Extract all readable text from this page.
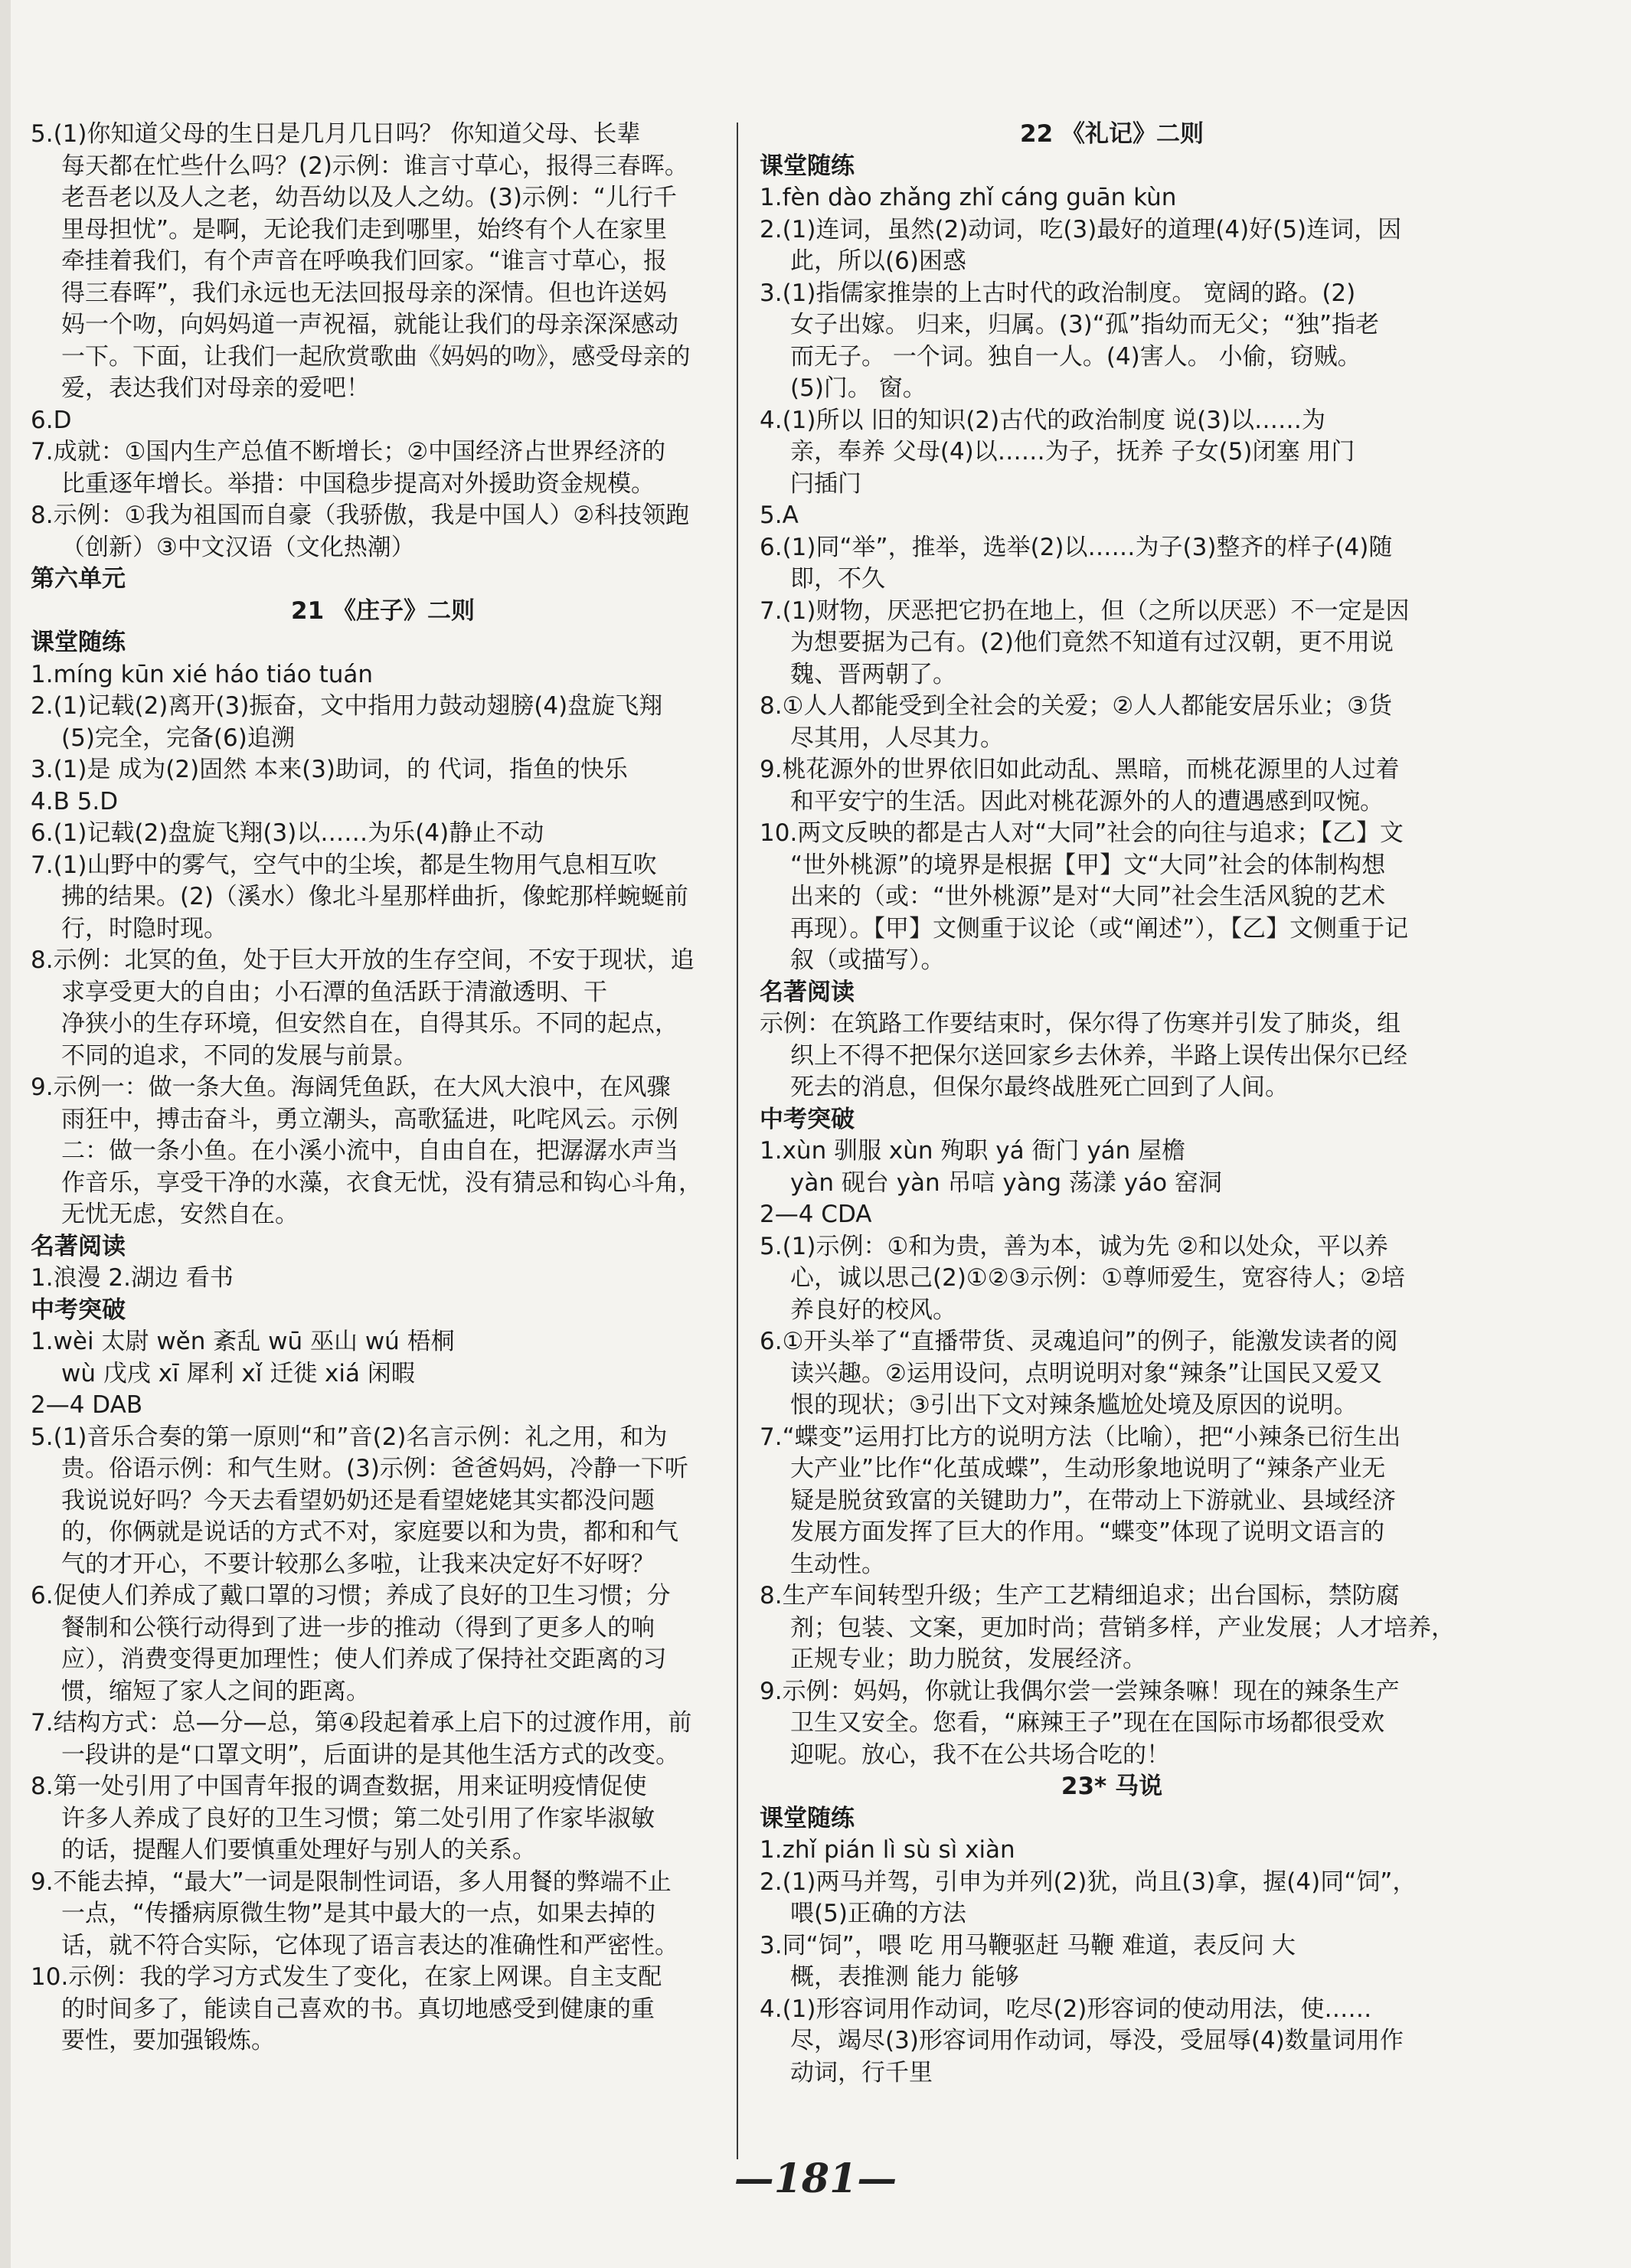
5.(1)你知道父母的生日是几月几日吗？ 你知道父母、长辈
每天都在忙些什么吗？(2)示例：谁言寸草心，报得三春晖。
老吾老以及人之老，幼吾幼以及人之幼。(3)示例：“儿行千
里母担忧”。是啊，无论我们走到哪里，始终有个人在家里
牵挂着我们，有个声音在呼唤我们回家。“谁言寸草心，报
得三春晖”，我们永远也无法回报母亲的深情。但也许送妈
妈一个吻，向妈妈道一声祝福，就能让我们的母亲深深感动
一下。下面，让我们一起欣赏歌曲《妈妈的吻》，感受母亲的
爱，表达我们对母亲的爱吧！
6.D
7.成就：①国内生产总值不断增长；②中国经济占世界经济的
比重逐年增长。举措：中国稳步提高对外援助资金规模。
8.示例：①我为祖国而自豪（我骄傲，我是中国人）②科技领跑
（创新）③中文汉语（文化热潮）
第六单元
21 《庄子》二则
课堂随练
1.míng kūn xié háo tiáo tuán
2.(1)记载(2)离开(3)振奋，文中指用力鼓动翅膀(4)盘旋飞翔
(5)完全，完备(6)追溯
3.(1)是 成为(2)固然 本来(3)助词，的 代词，指鱼的快乐
4.B 5.D
6.(1)记载(2)盘旋飞翔(3)以……为乐(4)静止不动
7.(1)山野中的雾气，空气中的尘埃，都是生物用气息相互吹
拂的结果。(2)（溪水）像北斗星那样曲折，像蛇那样蜿蜒前
行，时隐时现。
8.示例：北冥的鱼，处于巨大开放的生存空间，不安于现状，追
求享受更大的自由；小石潭的鱼活跃于清澈透明、干
净狭小的生存环境，但安然自在，自得其乐。不同的起点，
不同的追求，不同的发展与前景。
9.示例一：做一条大鱼。海阔凭鱼跃，在大风大浪中，在风骤
雨狂中，搏击奋斗，勇立潮头，高歌猛进，叱咤风云。示例
二：做一条小鱼。在小溪小流中，自由自在，把潺潺水声当
作音乐，享受干净的水藻，衣食无忧，没有猜忌和钩心斗角，
无忧无虑，安然自在。
名著阅读
1.浪漫 2.湖边 看书
中考突破
1.wèi 太尉 wěn 紊乱 wū 巫山 wú 梧桐
wù 戊戌 xī 犀利 xǐ 迁徙 xiá 闲暇
2—4 DAB
5.(1)音乐合奏的第一原则“和”音(2)名言示例：礼之用，和为
贵。俗语示例：和气生财。(3)示例：爸爸妈妈，冷静一下听
我说说好吗？今天去看望奶奶还是看望姥姥其实都没问题
的，你俩就是说话的方式不对，家庭要以和为贵，都和和气
气的才开心，不要计较那么多啦，让我来决定好不好呀？
6.促使人们养成了戴口罩的习惯；养成了良好的卫生习惯；分
餐制和公筷行动得到了进一步的推动（得到了更多人的响
应），消费变得更加理性；使人们养成了保持社交距离的习
惯，缩短了家人之间的距离。
7.结构方式：总—分—总，第④段起着承上启下的过渡作用，前
一段讲的是“口罩文明”，后面讲的是其他生活方式的改变。
8.第一处引用了中国青年报的调查数据，用来证明疫情促使
许多人养成了良好的卫生习惯；第二处引用了作家毕淑敏
的话，提醒人们要慎重处理好与别人的关系。
9.不能去掉，“最大”一词是限制性词语，多人用餐的弊端不止
一点，“传播病原微生物”是其中最大的一点，如果去掉的
话，就不符合实际，它体现了语言表达的准确性和严密性。
10.示例：我的学习方式发生了变化，在家上网课。自主支配
的时间多了，能读自己喜欢的书。真切地感受到健康的重
要性，要加强锻炼。
22 《礼记》二则
课堂随练
1.fèn dào zhǎng zhǐ cáng guān kùn
2.(1)连词，虽然(2)动词，吃(3)最好的道理(4)好(5)连词，因
此，所以(6)困惑
3.(1)指儒家推崇的上古时代的政治制度。 宽阔的路。(2)
女子出嫁。 归来，归属。(3)“孤”指幼而无父；“独”指老
而无子。 一个词。独自一人。(4)害人。 小偷，窃贼。
(5)门。 窗。
4.(1)所以 旧的知识(2)古代的政治制度 说(3)以……为
亲，奉养 父母(4)以……为子，抚养 子女(5)闭塞 用门
闩插门
5.A
6.(1)同“举”，推举，选举(2)以……为子(3)整齐的样子(4)随
即，不久
7.(1)财物，厌恶把它扔在地上，但（之所以厌恶）不一定是因
为想要据为己有。(2)他们竟然不知道有过汉朝，更不用说
魏、晋两朝了。
8.①人人都能受到全社会的关爱；②人人都能安居乐业；③货
尽其用，人尽其力。
9.桃花源外的世界依旧如此动乱、黑暗，而桃花源里的人过着
和平安宁的生活。因此对桃花源外的人的遭遇感到叹惋。
10.两文反映的都是古人对“大同”社会的向往与追求；【乙】文
“世外桃源”的境界是根据【甲】文“大同”社会的体制构想
出来的（或：“世外桃源”是对“大同”社会生活风貌的艺术
再现）。【甲】文侧重于议论（或“阐述”），【乙】文侧重于记
叙（或描写）。
名著阅读
示例：在筑路工作要结束时，保尔得了伤寒并引发了肺炎，组
织上不得不把保尔送回家乡去休养，半路上误传出保尔已经
死去的消息，但保尔最终战胜死亡回到了人间。
中考突破
1.xùn 驯服 xùn 殉职 yá 衙门 yán 屋檐
yàn 砚台 yàn 吊唁 yàng 荡漾 yáo 窑洞
2—4 CDA
5.(1)示例：①和为贵，善为本，诚为先 ②和以处众，平以养
心，诚以思己(2)①②③示例：①尊师爱生，宽容待人；②培
养良好的校风。
6.①开头举了“直播带货、灵魂追问”的例子，能激发读者的阅
读兴趣。②运用设问，点明说明对象“辣条”让国民又爱又
恨的现状；③引出下文对辣条尴尬处境及原因的说明。
7.“蝶变”运用打比方的说明方法（比喻），把“小辣条已衍生出
大产业”比作“化茧成蝶”，生动形象地说明了“辣条产业无
疑是脱贫致富的关键助力”，在带动上下游就业、县域经济
发展方面发挥了巨大的作用。“蝶变”体现了说明文语言的
生动性。
8.生产车间转型升级；生产工艺精细追求；出台国标，禁防腐
剂；包装、文案，更加时尚；营销多样，产业发展；人才培养，
正规专业；助力脱贫，发展经济。
9.示例：妈妈，你就让我偶尔尝一尝辣条嘛！现在的辣条生产
卫生又安全。您看，“麻辣王子”现在在国际市场都很受欢
迎呢。放心，我不在公共场合吃的！
23* 马说
课堂随练
1.zhǐ pián lì sù sì xiàn
2.(1)两马并驾，引申为并列(2)犹，尚且(3)拿，握(4)同“饲”，
喂(5)正确的方法
3.同“饲”，喂 吃 用马鞭驱赶 马鞭 难道，表反问 大
概，表推测 能力 能够
4.(1)形容词用作动词，吃尽(2)形容词的使动用法，使……
尽，竭尽(3)形容词用作动词，辱没，受屈辱(4)数量词用作
动词，行千里
—181—
